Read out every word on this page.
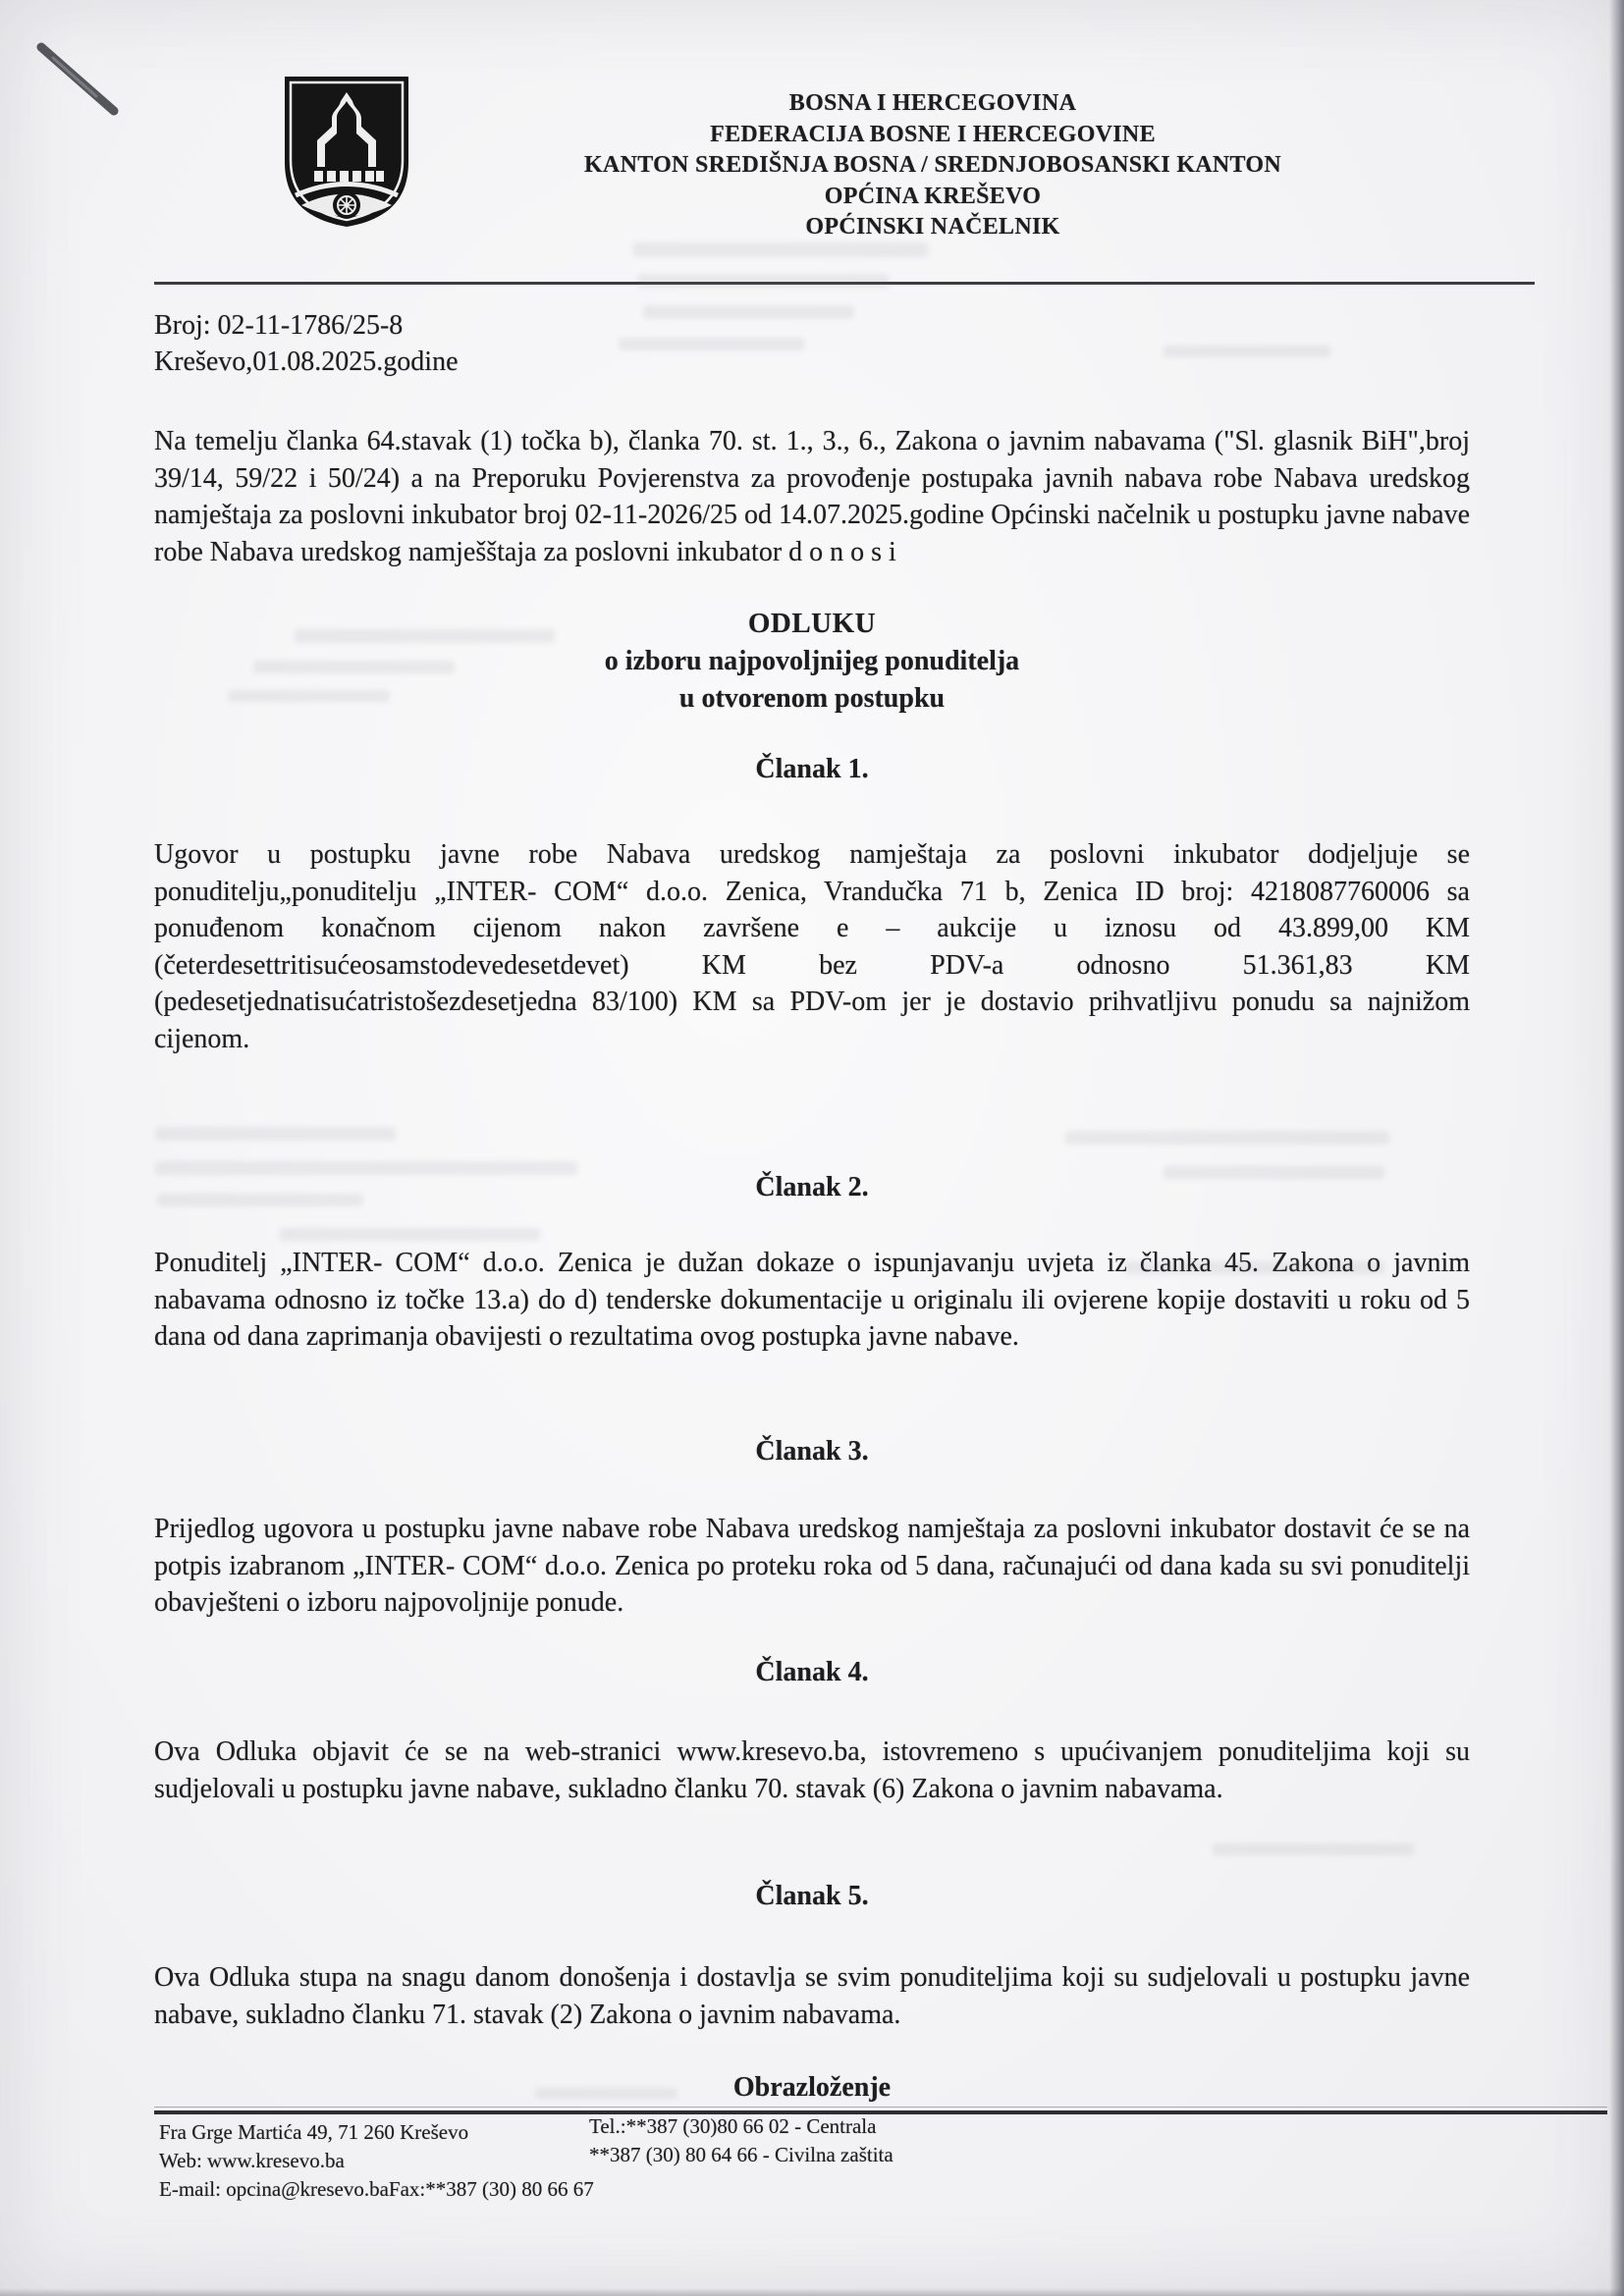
BOSNA I HERCEGOVINA
FEDERACIJA BOSNE I HERCEGOVINE
KANTON SREDIŠNJA BOSNA / SREDNJOBOSANSKI KANTON
OPĆINA KREŠEVO
OPĆINSKI NAČELNIK
Broj: 02-11-1786/25-8
Kreševo,01.08.2025.godine
Na temelju članka 64.stavak (1) točka b), članka 70. st. 1., 3., 6., Zakona o javnim nabavama ("Sl. glasnik BiH",broj 39/14, 59/22 i 50/24) a na Preporuku Povjerenstva za provođenje postupaka javnih nabava robe Nabava uredskog namještaja za poslovni inkubator broj 02-11-2026/25 od 14.07.2025.godine Općinski načelnik u postupku javne nabave robe Nabava uredskog namješštaja za poslovni inkubator d o n o s i
ODLUKU
o izboru najpovoljnijeg ponuditelja
u otvorenom postupku
Članak 1.
Ugovor u postupku javne robe Nabava uredskog namještaja za poslovni inkubator dodjeljuje se ponuditelju„ponuditelju „INTER- COM“ d.o.o. Zenica, Vrandučka 71 b, Zenica ID broj: 4218087760006 sa ponuđenom konačnom cijenom nakon završene e – aukcije u iznosu od 43.899,00 KM (četerdesettritisućeosamstodevedesetdevet) KM bez PDV-a odnosno 51.361,83 KM (pedesetjednatisućatristošezdesetjedna 83/100) KM sa PDV-om jer je dostavio prihvatljivu ponudu sa najnižom cijenom.
Članak 2.
Ponuditelj „INTER- COM“ d.o.o. Zenica je dužan dokaze o ispunjavanju uvjeta iz članka 45. Zakona o javnim nabavama odnosno iz točke 13.a) do d) tenderske dokumentacije u originalu ili ovjerene kopije dostaviti u roku od 5 dana od dana zaprimanja obavijesti o rezultatima ovog postupka javne nabave.
Članak 3.
Prijedlog ugovora u postupku javne nabave robe Nabava uredskog namještaja za poslovni inkubator dostavit će se na potpis izabranom „INTER- COM“ d.o.o. Zenica po proteku roka od 5 dana, računajući od dana kada su svi ponuditelji obavješteni o izboru najpovoljnije ponude.
Članak 4.
Ova Odluka objavit će se na web-stranici www.kresevo.ba, istovremeno s upućivanjem ponuditeljima koji su sudjelovali u postupku javne nabave, sukladno članku 70. stavak (6) Zakona o javnim nabavama.
Članak 5.
Ova Odluka stupa na snagu danom donošenja i dostavlja se svim ponuditeljima koji su sudjelovali u postupku javne nabave, sukladno članku 71. stavak (2) Zakona o javnim nabavama.
Obrazloženje
Fra Grge Martića 49, 71 260 Kreševo
Web: www.kresevo.ba
E-mail: opcina@kresevo.baFax:**387 (30) 80 66 67
Tel.:**387 (30)80 66 02 - Centrala
**387 (30) 80 64 66 - Civilna zaštita
